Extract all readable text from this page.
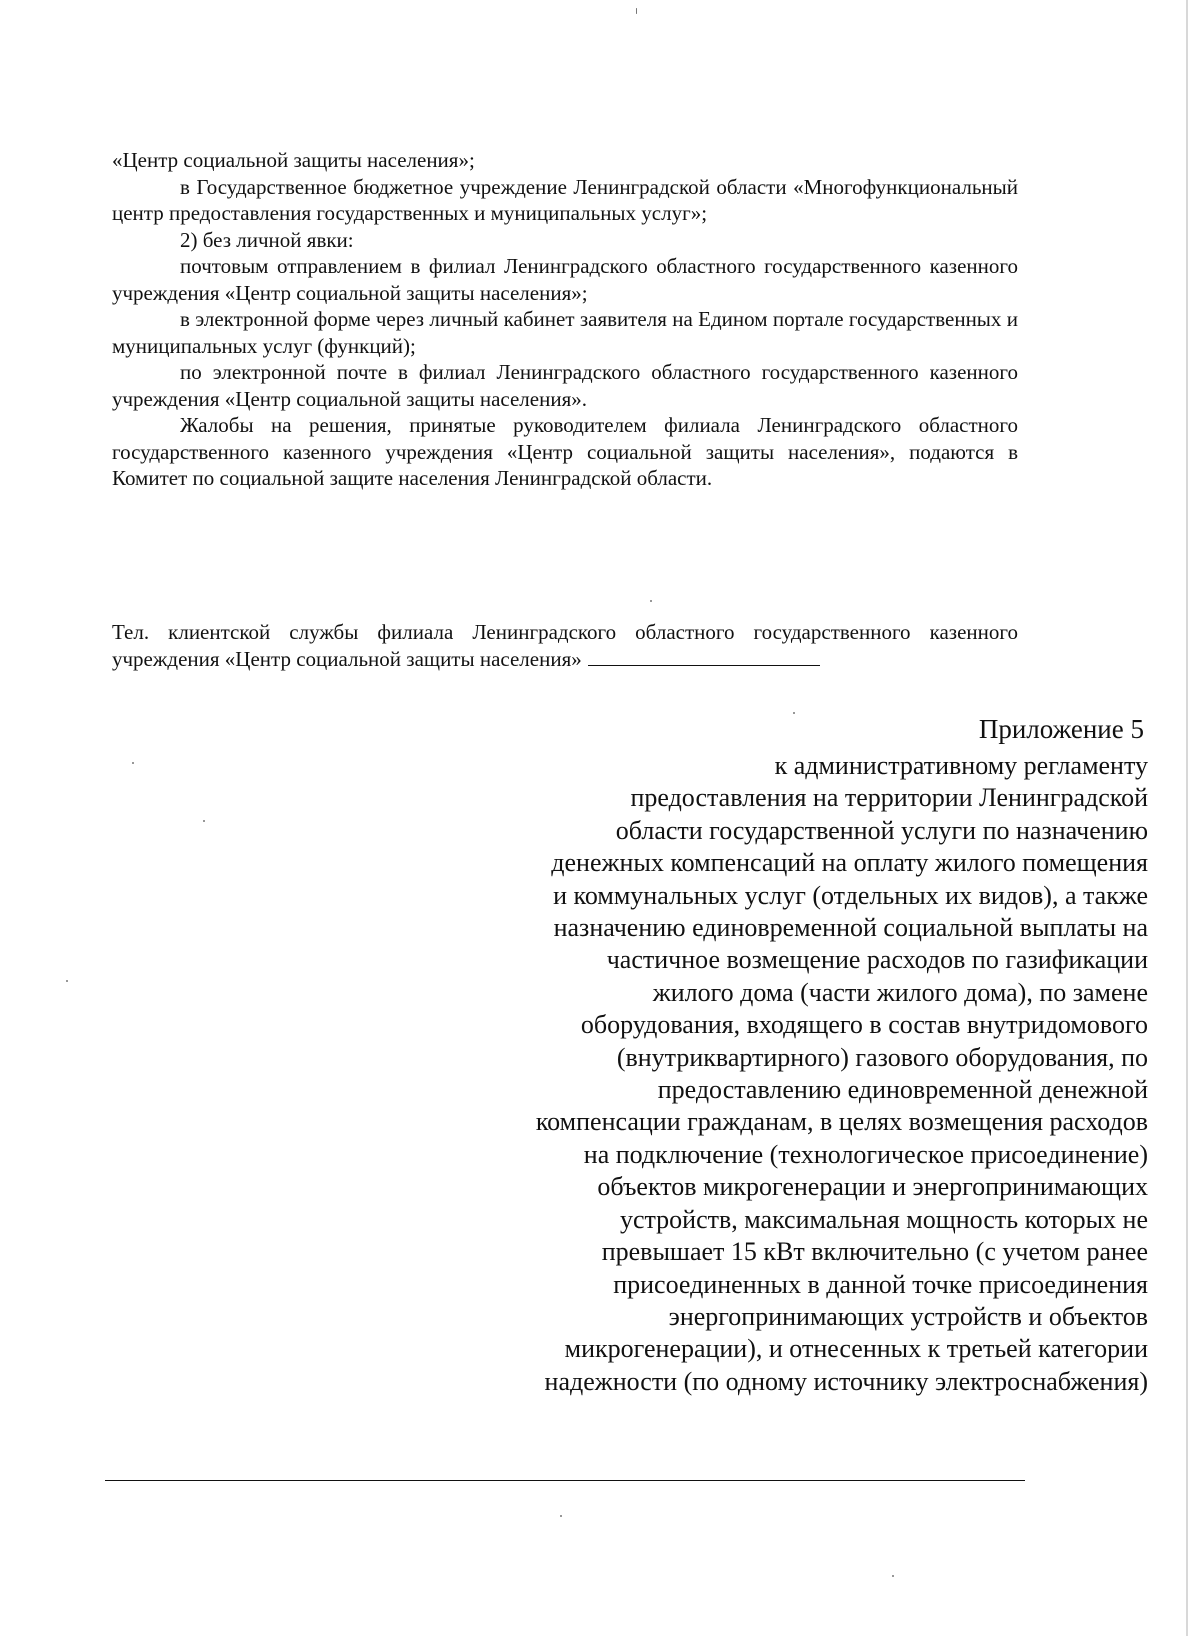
«Центр социальной защиты населения»;

в Государственное бюджетное учреждение Ленинградской области «Многофункциональный центр предоставления государственных и муниципальных услуг»;

2) без личной явки:

почтовым отправлением в филиал Ленинградского областного государственного казенного учреждения «Центр социальной защиты населения»;

в электронной форме через личный кабинет заявителя на Едином портале государственных и муниципальных услуг (функций);

по электронной почте в филиал Ленинградского областного государственного казенного учреждения «Центр социальной защиты населения».

Жалобы на решения, принятые руководителем филиала Ленинградского областного государственного казенного учреждения «Центр социальной защиты населения», подаются в Комитет по социальной защите населения Ленинградской области.

Тел. клиентской службы филиала Ленинградского областного государственного казенного учреждения «Центр социальной защиты населения»
Приложение 5
к административному регламенту
предоставления на территории Ленинградской
области государственной услуги по назначению
денежных компенсаций на оплату жилого помещения
и коммунальных услуг (отдельных их видов), а также
назначению единовременной социальной выплаты на
частичное возмещение расходов по газификации
жилого дома (части жилого дома), по замене
оборудования, входящего в состав внутридомового
(внутриквартирного) газового оборудования, по
предоставлению единовременной денежной
компенсации гражданам, в целях возмещения расходов
на подключение (технологическое присоединение)
объектов микрогенерации и энергопринимающих
устройств, максимальная мощность которых не
превышает 15 кВт включительно (с учетом ранее
присоединенных в данной точке присоединения
энергопринимающих устройств и объектов
микрогенерации), и отнесенных к третьей категории
надежности (по одному источнику электроснабжения)
